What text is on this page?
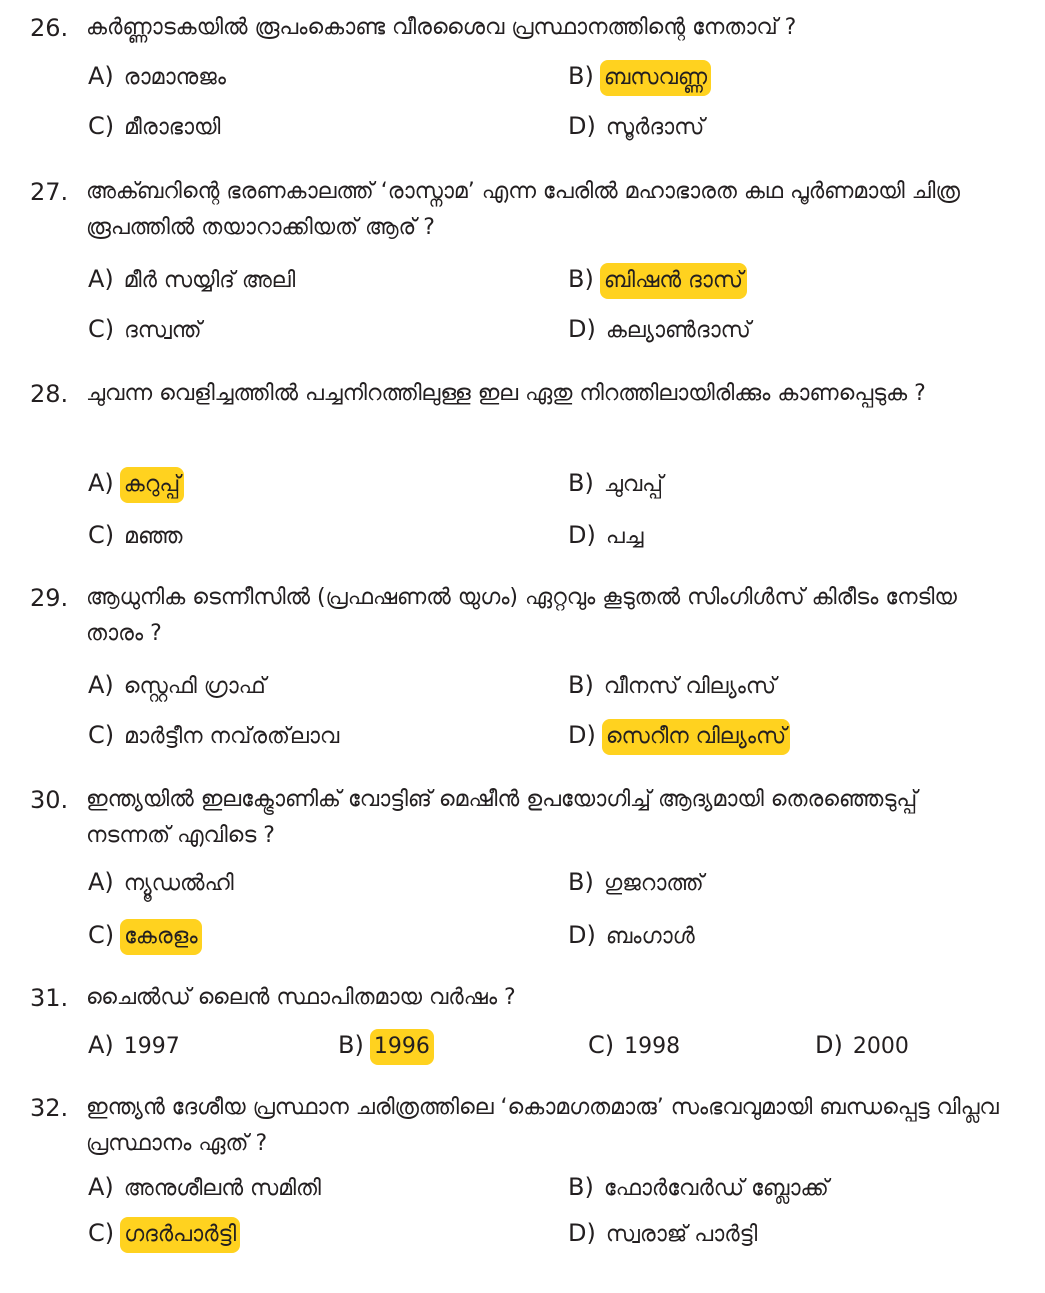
26. കർണ്ണാടകയിൽ രൂപംകൊണ്ട വീരശൈവ പ്രസ്ഥാനത്തിന്റെ നേതാവ് ?
A) രാമാനുജം	B) ബസവണ്ണ
C) മീരാഭായി	D) സൂർദാസ്
27. അക്ബറിന്റെ ഭരണകാലത്ത് ‘രാസ്നാമ’ എന്ന പേരിൽ മഹാഭാരത കഥ പൂർണമായി ചിത്ര രൂപത്തിൽ തയാറാക്കിയത് ആര് ?
A) മീർ സയ്യിദ് അലി	B) ബിഷൻ ദാസ്
C) ദസ്വന്ത്	D) കല്യാൺദാസ്
28. ചുവന്ന വെളിച്ചത്തിൽ പച്ചനിറത്തിലുള്ള ഇല ഏതു നിറത്തിലായിരിക്കും കാണപ്പെടുക ?
A) കറുപ്പ്	B) ചുവപ്പ്
C) മഞ്ഞ	D) പച്ച
29. ആധുനിക ടെന്നീസിൽ (പ്രഫഷണൽ യുഗം) ഏറ്റവും കൂടുതൽ സിംഗിൾസ് കിരീടം നേടിയ താരം ?
A) സ്റ്റെഫി ഗ്രാഫ്	B) വീനസ് വില്യംസ്
C) മാർട്ടീന നവ്‌രത്‌ലാവ	D) സെറീന വില്യംസ്
30. ഇന്ത്യയിൽ ഇലക്ട്രോണിക് വോട്ടിങ് മെഷീൻ ഉപയോഗിച്ച് ആദ്യമായി തെരഞ്ഞെടുപ്പ് നടന്നത് എവിടെ ?
A) ന്യൂഡൽഹി	B) ഗുജറാത്ത്
C) കേരളം	D) ബംഗാൾ
31. ചൈൽഡ് ലൈൻ സ്ഥാപിതമായ വർഷം ?
A) 1997	B) 1996	C) 1998	D) 2000
32. ഇന്ത്യൻ ദേശീയ പ്രസ്ഥാന ചരിത്രത്തിലെ ‘കൊമഗതമാരു’ സംഭവവുമായി ബന്ധപ്പെട്ട വിപ്ലവ പ്രസ്ഥാനം ഏത് ?
A) അനുശീലൻ സമിതി	B) ഫോർവേർഡ് ബ്ലോക്ക്
C) ഗദർപാർട്ടി	D) സ്വരാജ് പാർട്ടി
